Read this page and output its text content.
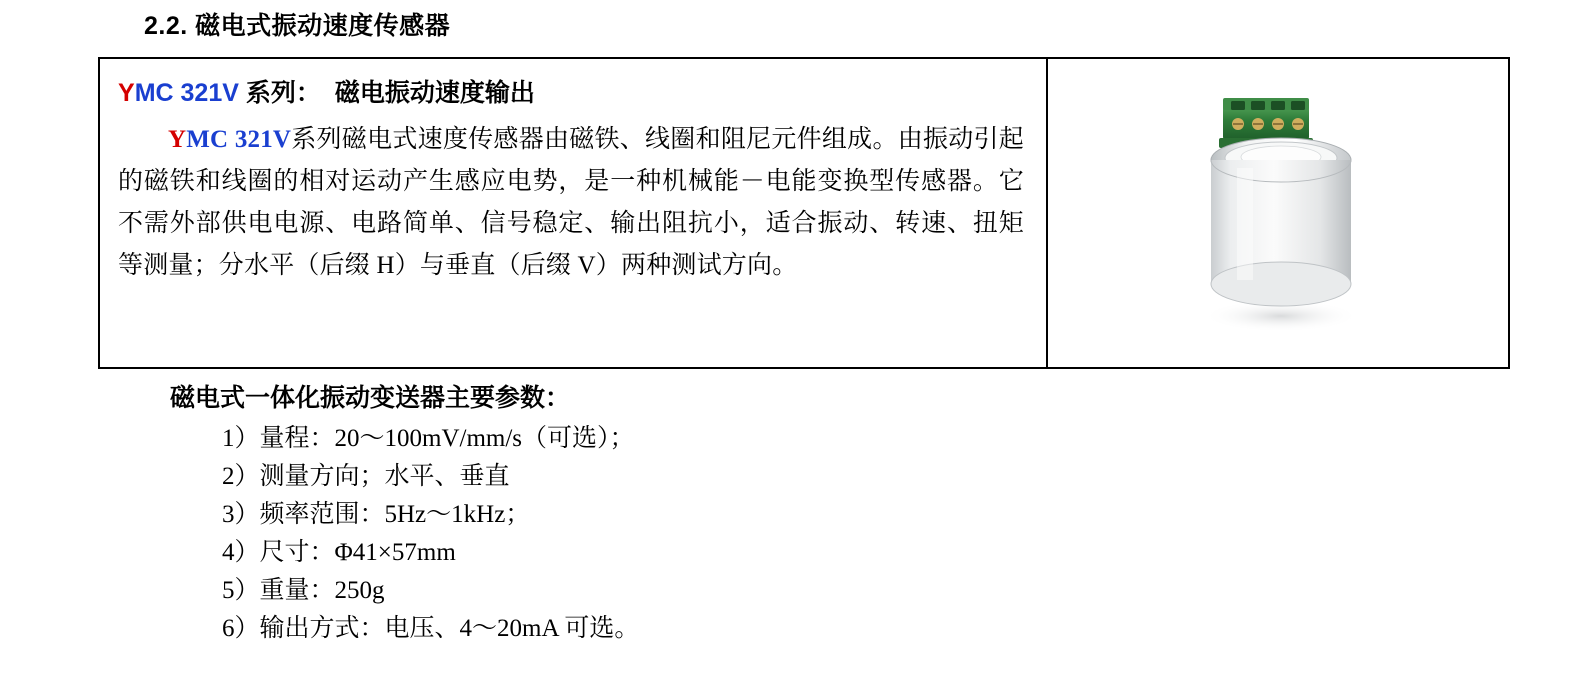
2.2. 磁电式振动速度传感器
YMC 321V 系列： 磁电振动速度输出

YMC 321V系列磁电式速度传感器由磁铁、线圈和阻尼元件组成。由振动引起的磁铁和线圈的相对运动产生感应电势，是一种机械能－电能变换型传感器。它不需外部供电电源、电路简单、信号稳定、输出阻抗小，适合振动、转速、扭矩等测量；分水平（后缀 H）与垂直（后缀 V）两种测试方向。

磁电式一体化振动变送器主要参数：
1）量程：20～100mV/mm/s（可选）；
2）测量方向；水平、垂直
3）频率范围：5Hz～1kHz；
4）尺寸：Φ41×57mm
5）重量：250g
6）输出方式：电压、4～20mA 可选。
